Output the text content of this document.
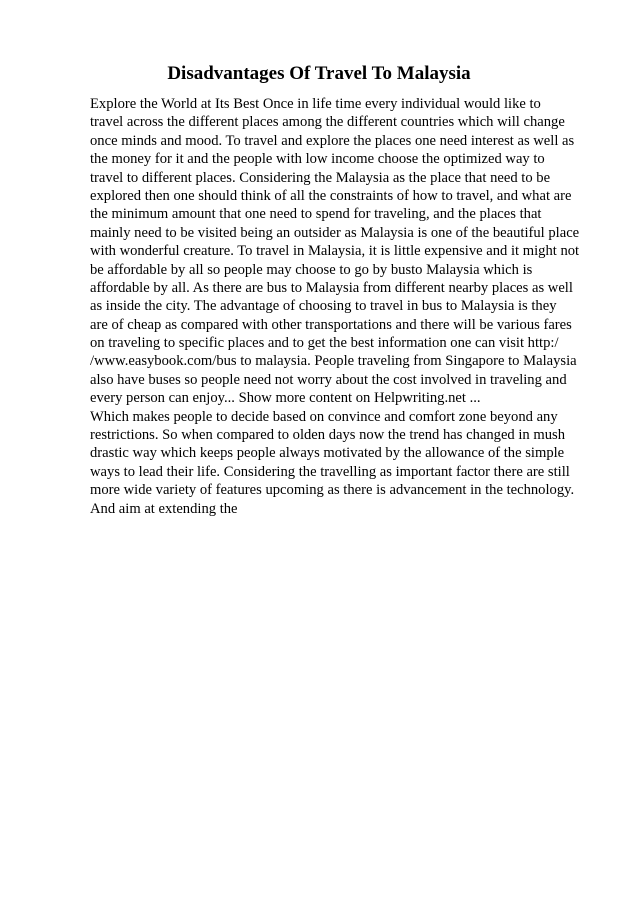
Disadvantages Of Travel To Malaysia
Explore the World at Its Best Once in life time every individual would like to
travel across the different places among the different countries which will change
once minds and mood. To travel and explore the places one need interest as well as
the money for it and the people with low income choose the optimized way to
travel to different places. Considering the Malaysia as the place that need to be
explored then one should think of all the constraints of how to travel, and what are
the minimum amount that one need to spend for traveling, and the places that
mainly need to be visited being an outsider as Malaysia is one of the beautiful place
with wonderful creature. To travel in Malaysia, it is little expensive and it might not
be affordable by all so people may choose to go by busto Malaysia which is
affordable by all. As there are bus to Malaysia from different nearby places as well
as inside the city. The advantage of choosing to travel in bus to Malaysia is they
are of cheap as compared with other transportations and there will be various fares
on traveling to specific places and to get the best information one can visit http:/
/www.easybook.com/bus to malaysia. People traveling from Singapore to Malaysia
also have buses so people need not worry about the cost involved in traveling and
every person can enjoy... Show more content on Helpwriting.net ...
Which makes people to decide based on convince and comfort zone beyond any
restrictions. So when compared to olden days now the trend has changed in mush
drastic way which keeps people always motivated by the allowance of the simple
ways to lead their life. Considering the travelling as important factor there are still
more wide variety of features upcoming as there is advancement in the technology.
And aim at extending the
